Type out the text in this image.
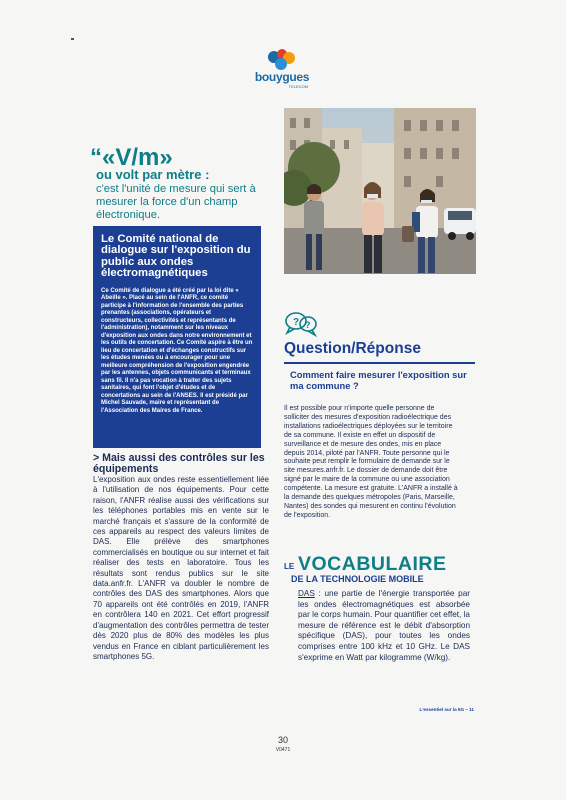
bouygues
TELECOM
“«V/m»
ou volt par mètre :
c'est l'unité de mesure qui sert à mesurer la force d'un champ électronique.
Le Comité national de dialogue sur l'exposition du public aux ondes électromagnétiques

Ce Comité de dialogue a été créé par la loi dite « Abeille ». Placé au sein de l'ANFR, ce comité participe à l'information de l'ensemble des parties prenantes (associations, opérateurs et constructeurs, collectivités et représentants de l'administration), notamment sur les niveaux d'exposition aux ondes dans notre environnement et les outils de concertation. Ce Comité aspire à être un lieu de concertation et d'échanges constructifs sur les études menées ou à encourager pour une meilleure compréhension de l'exposition engendrée par les antennes, objets communicants et terminaux sans fil. Il n'a pas vocation à traiter des sujets sanitaires, qui font l'objet d'études et de concertations au sein de l'ANSES. Il est présidé par Michel Sauvade, maire et représentant de l'Association des Maires de France.

> Mais aussi des contrôles sur les équipements
L'exposition aux ondes reste essentiellement liée à l'utilisation de nos équipements. Pour cette raison, l'ANFR réalise aussi des vérifications sur les téléphones portables mis en vente sur le marché français et s'assure de la conformité de ces appareils au respect des valeurs limites de DAS. Elle prélève des smartphones commercialisés en boutique ou sur internet et fait réaliser des tests en laboratoire. Tous les résultats sont rendus publics sur le site data.anfr.fr. L'ANFR va doubler le nombre de contrôles des DAS des smartphones. Alors que 70 appareils ont été contrôlés en 2019, l'ANFR en contrôlera 140 en 2021. Cet effort progressif d'augmentation des contrôles permettra de tester dès 2020 plus de 80% des modèles les plus vendus en France en ciblant particulièrement les smartphones 5G.
? ?
Question/Réponse
Comment faire mesurer l'exposition sur ma commune ?
Il est possible pour n'importe quelle personne de solliciter des mesures d'exposition radioélectrique des installations radioélectriques déployées sur le territoire de sa commune. Il existe en effet un dispositif de surveillance et de mesure des ondes, mis en place depuis 2014, piloté par l'ANFR. Toute personne qui le souhaite peut remplir le formulaire de demande sur le site mesures.anfr.fr. Le dossier de demande doit être signé par le maire de la commune ou une association compétente. La mesure est gratuite. L'ANFR a installé à la demande des quelques métropoles (Paris, Marseille, Nantes) des sondes qui mesurent en continu l'évolution de l'exposition.
LE VOCABULAIRE
DE LA TECHNOLOGIE MOBILE
DAS : une partie de l'énergie transportée par les ondes électromagnétiques est absorbée par le corps humain. Pour quantifier cet effet, la mesure de référence est le débit d'absorption spécifique (DAS), pour toutes les ondes comprises entre 100 kHz et 10 GHz. Le DAS s'exprime en Watt par kilogramme (W/kg).
L'essentiel sur la 5G – 11
30
V0471
